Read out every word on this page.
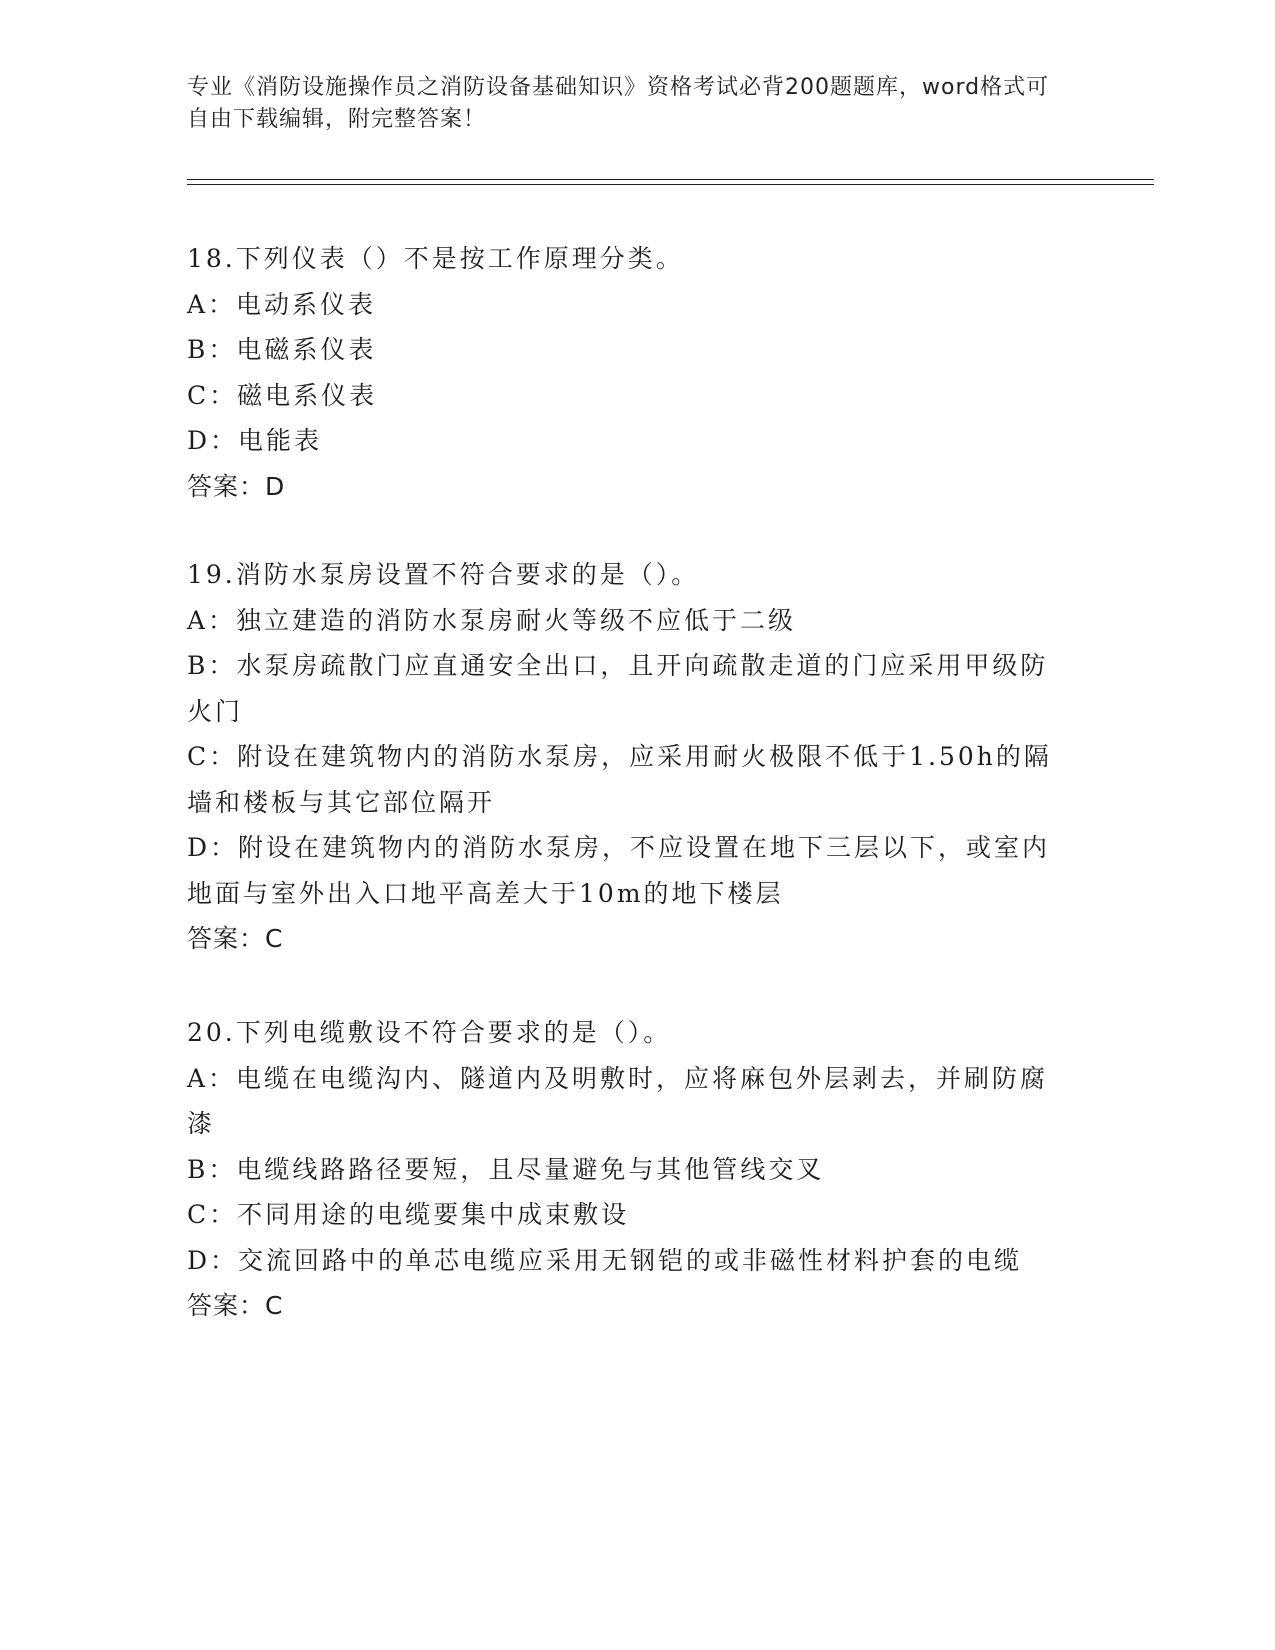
专业《消防设施操作员之消防设备基础知识》资格考试必背200题题库，word格式可自由下载编辑，附完整答案！
18.下列仪表（）不是按工作原理分类。
A：电动系仪表
B：电磁系仪表
C：磁电系仪表
D：电能表
答案：D
19.消防水泵房设置不符合要求的是（）。
A：独立建造的消防水泵房耐火等级不应低于二级
B：水泵房疏散门应直通安全出口，且开向疏散走道的门应采用甲级防火门
C：附设在建筑物内的消防水泵房，应采用耐火极限不低于1.50h的隔墙和楼板与其它部位隔开
D：附设在建筑物内的消防水泵房，不应设置在地下三层以下，或室内地面与室外出入口地平高差大于10m的地下楼层
答案：C
20.下列电缆敷设不符合要求的是（）。
A：电缆在电缆沟内、隧道内及明敷时，应将麻包外层剥去，并刷防腐漆
B：电缆线路路径要短，且尽量避免与其他管线交叉
C：不同用途的电缆要集中成束敷设
D：交流回路中的单芯电缆应采用无钢铠的或非磁性材料护套的电缆
答案：C
